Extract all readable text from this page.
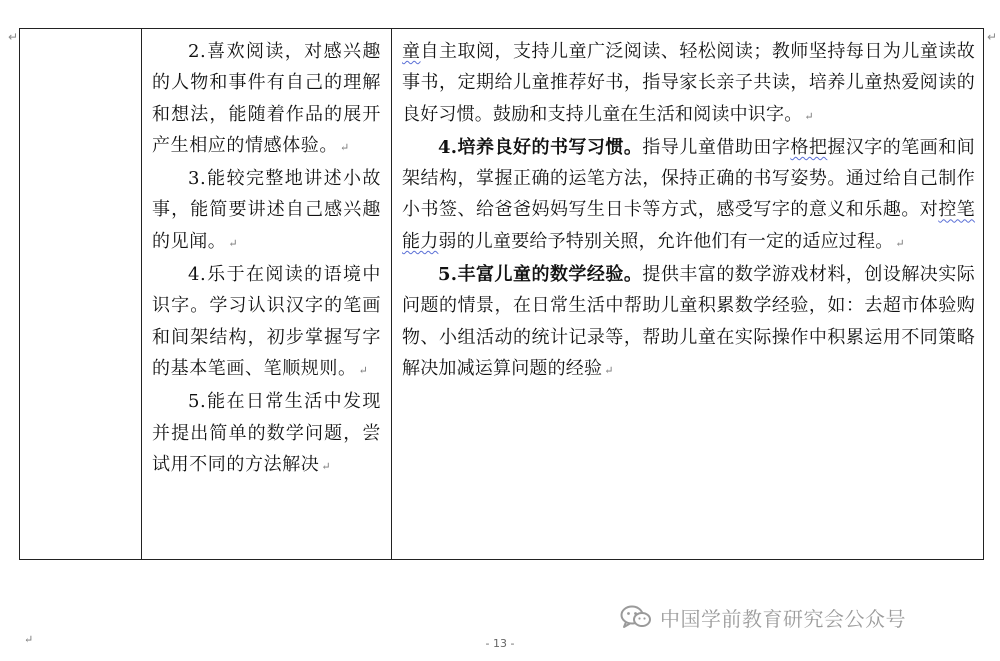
↵	↵

2.喜欢阅读，对感兴趣的人物和事件有自己的理解和想法，能随着作品的展开产生相应的情感体验。 ↵

3.能较完整地讲述小故事，能简要讲述自己感兴趣的见闻。 ↵

4.乐于在阅读的语境中识字。学习认识汉字的笔画和间架结构，初步掌握写字的基本笔画、笔顺规则。 ↵

5.能在日常生活中发现并提出简单的数学问题，尝试用不同的方法解决 ↵

童自主取阅，支持儿童广泛阅读、轻松阅读；教师坚持每日为儿童读故事书，定期给儿童推荐好书，指导家长亲子共读，培养儿童热爱阅读的良好习惯。鼓励和支持儿童在生活和阅读中识字。 ↵

4.培养良好的书写习惯。指导儿童借助田字格把握汉字的笔画和间架结构，掌握正确的运笔方法，保持正确的书写姿势。通过给自己制作小书签、给爸爸妈妈写生日卡等方式，感受写字的意义和乐趣。对控笔能力弱的儿童要给予特别关照，允许他们有一定的适应过程。 ↵

5.丰富儿童的数学经验。提供丰富的数学游戏材料，创设解决实际问题的情景，在日常生活中帮助儿童积累数学经验，如：去超市体验购物、小组活动的统计记录等，帮助儿童在实际操作中积累运用不同策略解决加减运算问题的经验 ↵

中国学前教育研究会公众号
↵	- 13 -
